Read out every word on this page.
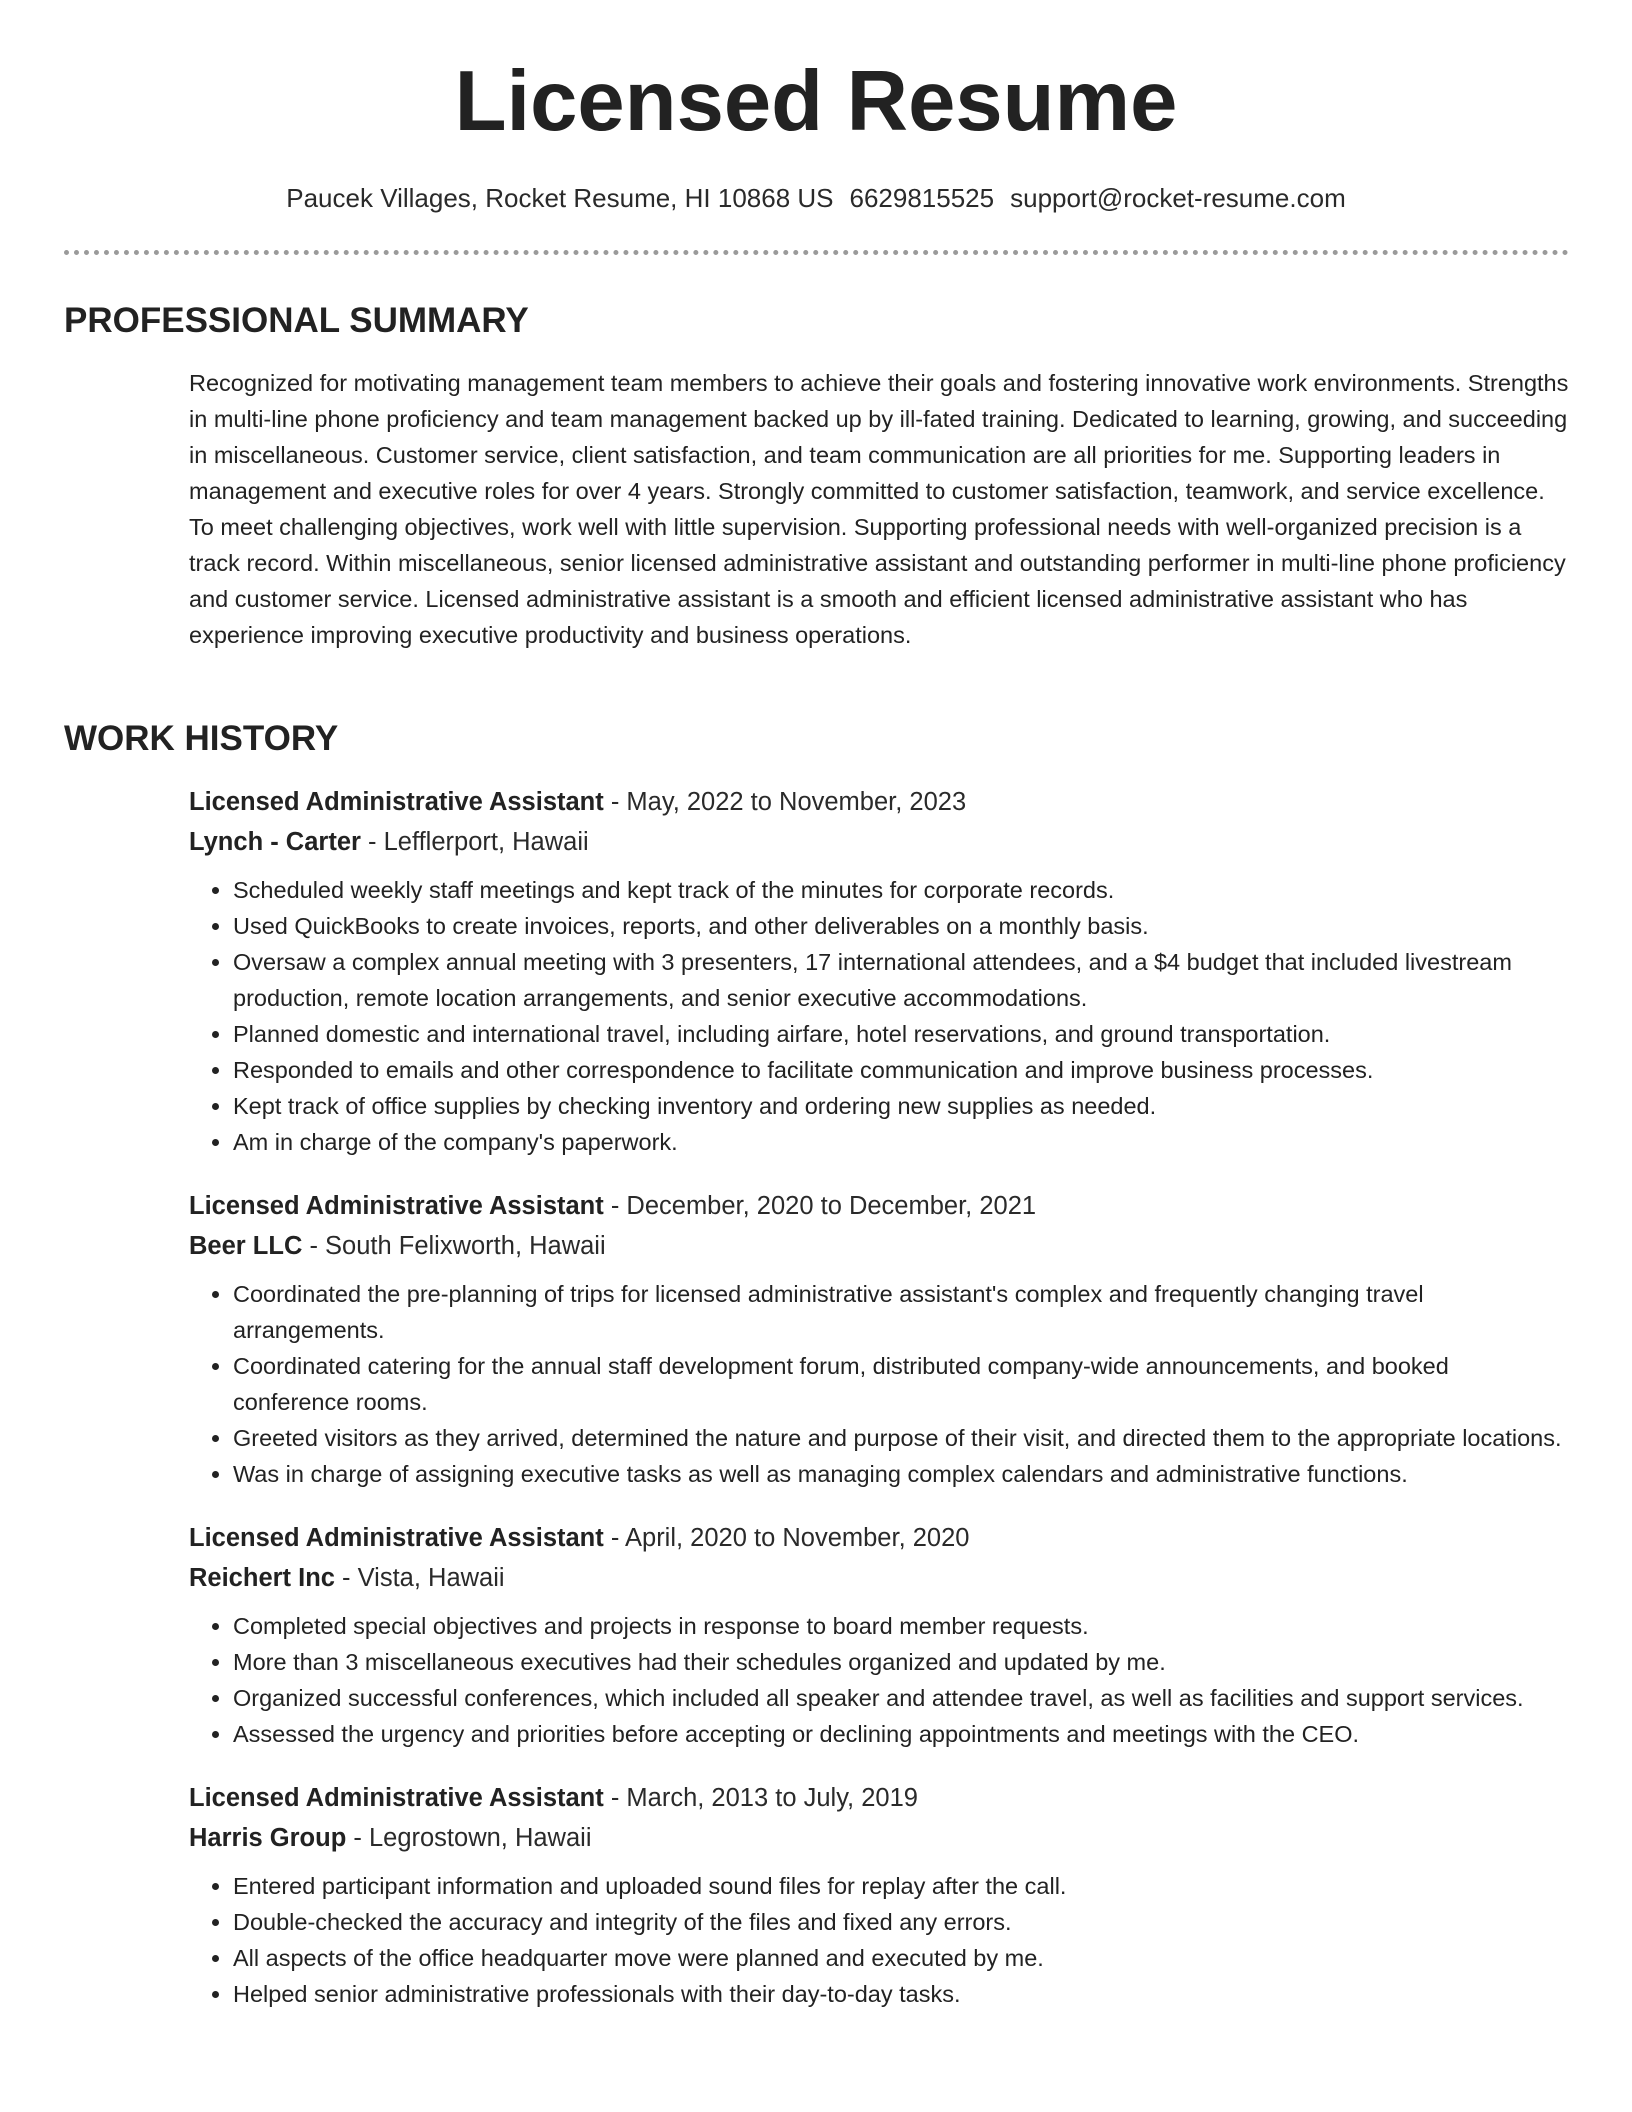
Licensed Resume
Paucek Villages, Rocket Resume, HI 10868 US 6629815525 support@rocket-resume.com
PROFESSIONAL SUMMARY

Recognized for motivating management team members to achieve their goals and fostering innovative work environments. Strengths in multi-line phone proficiency and team management backed up by ill-fated training. Dedicated to learning, growing, and succeeding in miscellaneous. Customer service, client satisfaction, and team communication are all priorities for me. Supporting leaders in management and executive roles for over 4 years. Strongly committed to customer satisfaction, teamwork, and service excellence. To meet challenging objectives, work well with little supervision. Supporting professional needs with well-organized precision is a track record. Within miscellaneous, senior licensed administrative assistant and outstanding performer in multi-line phone proficiency and customer service. Licensed administrative assistant is a smooth and efficient licensed administrative assistant who has experience improving executive productivity and business operations.

WORK HISTORY
Licensed Administrative Assistant - May, 2022 to November, 2023
Lynch - Carter - Lefflerport, Hawaii
• Scheduled weekly staff meetings and kept track of the minutes for corporate records.
• Used QuickBooks to create invoices, reports, and other deliverables on a monthly basis.
• Oversaw a complex annual meeting with 3 presenters, 17 international attendees, and a $4 budget that included livestream production, remote location arrangements, and senior executive accommodations.
• Planned domestic and international travel, including airfare, hotel reservations, and ground transportation.
• Responded to emails and other correspondence to facilitate communication and improve business processes.
• Kept track of office supplies by checking inventory and ordering new supplies as needed.
• Am in charge of the company's paperwork.
Licensed Administrative Assistant - December, 2020 to December, 2021
Beer LLC - South Felixworth, Hawaii
• Coordinated the pre-planning of trips for licensed administrative assistant's complex and frequently changing travel arrangements.
• Coordinated catering for the annual staff development forum, distributed company-wide announcements, and booked conference rooms.
• Greeted visitors as they arrived, determined the nature and purpose of their visit, and directed them to the appropriate locations.
• Was in charge of assigning executive tasks as well as managing complex calendars and administrative functions.
Licensed Administrative Assistant - April, 2020 to November, 2020
Reichert Inc - Vista, Hawaii
• Completed special objectives and projects in response to board member requests.
• More than 3 miscellaneous executives had their schedules organized and updated by me.
• Organized successful conferences, which included all speaker and attendee travel, as well as facilities and support services.
• Assessed the urgency and priorities before accepting or declining appointments and meetings with the CEO.
Licensed Administrative Assistant - March, 2013 to July, 2019
Harris Group - Legrostown, Hawaii
• Entered participant information and uploaded sound files for replay after the call.
• Double-checked the accuracy and integrity of the files and fixed any errors.
• All aspects of the office headquarter move were planned and executed by me.
• Helped senior administrative professionals with their day-to-day tasks.
